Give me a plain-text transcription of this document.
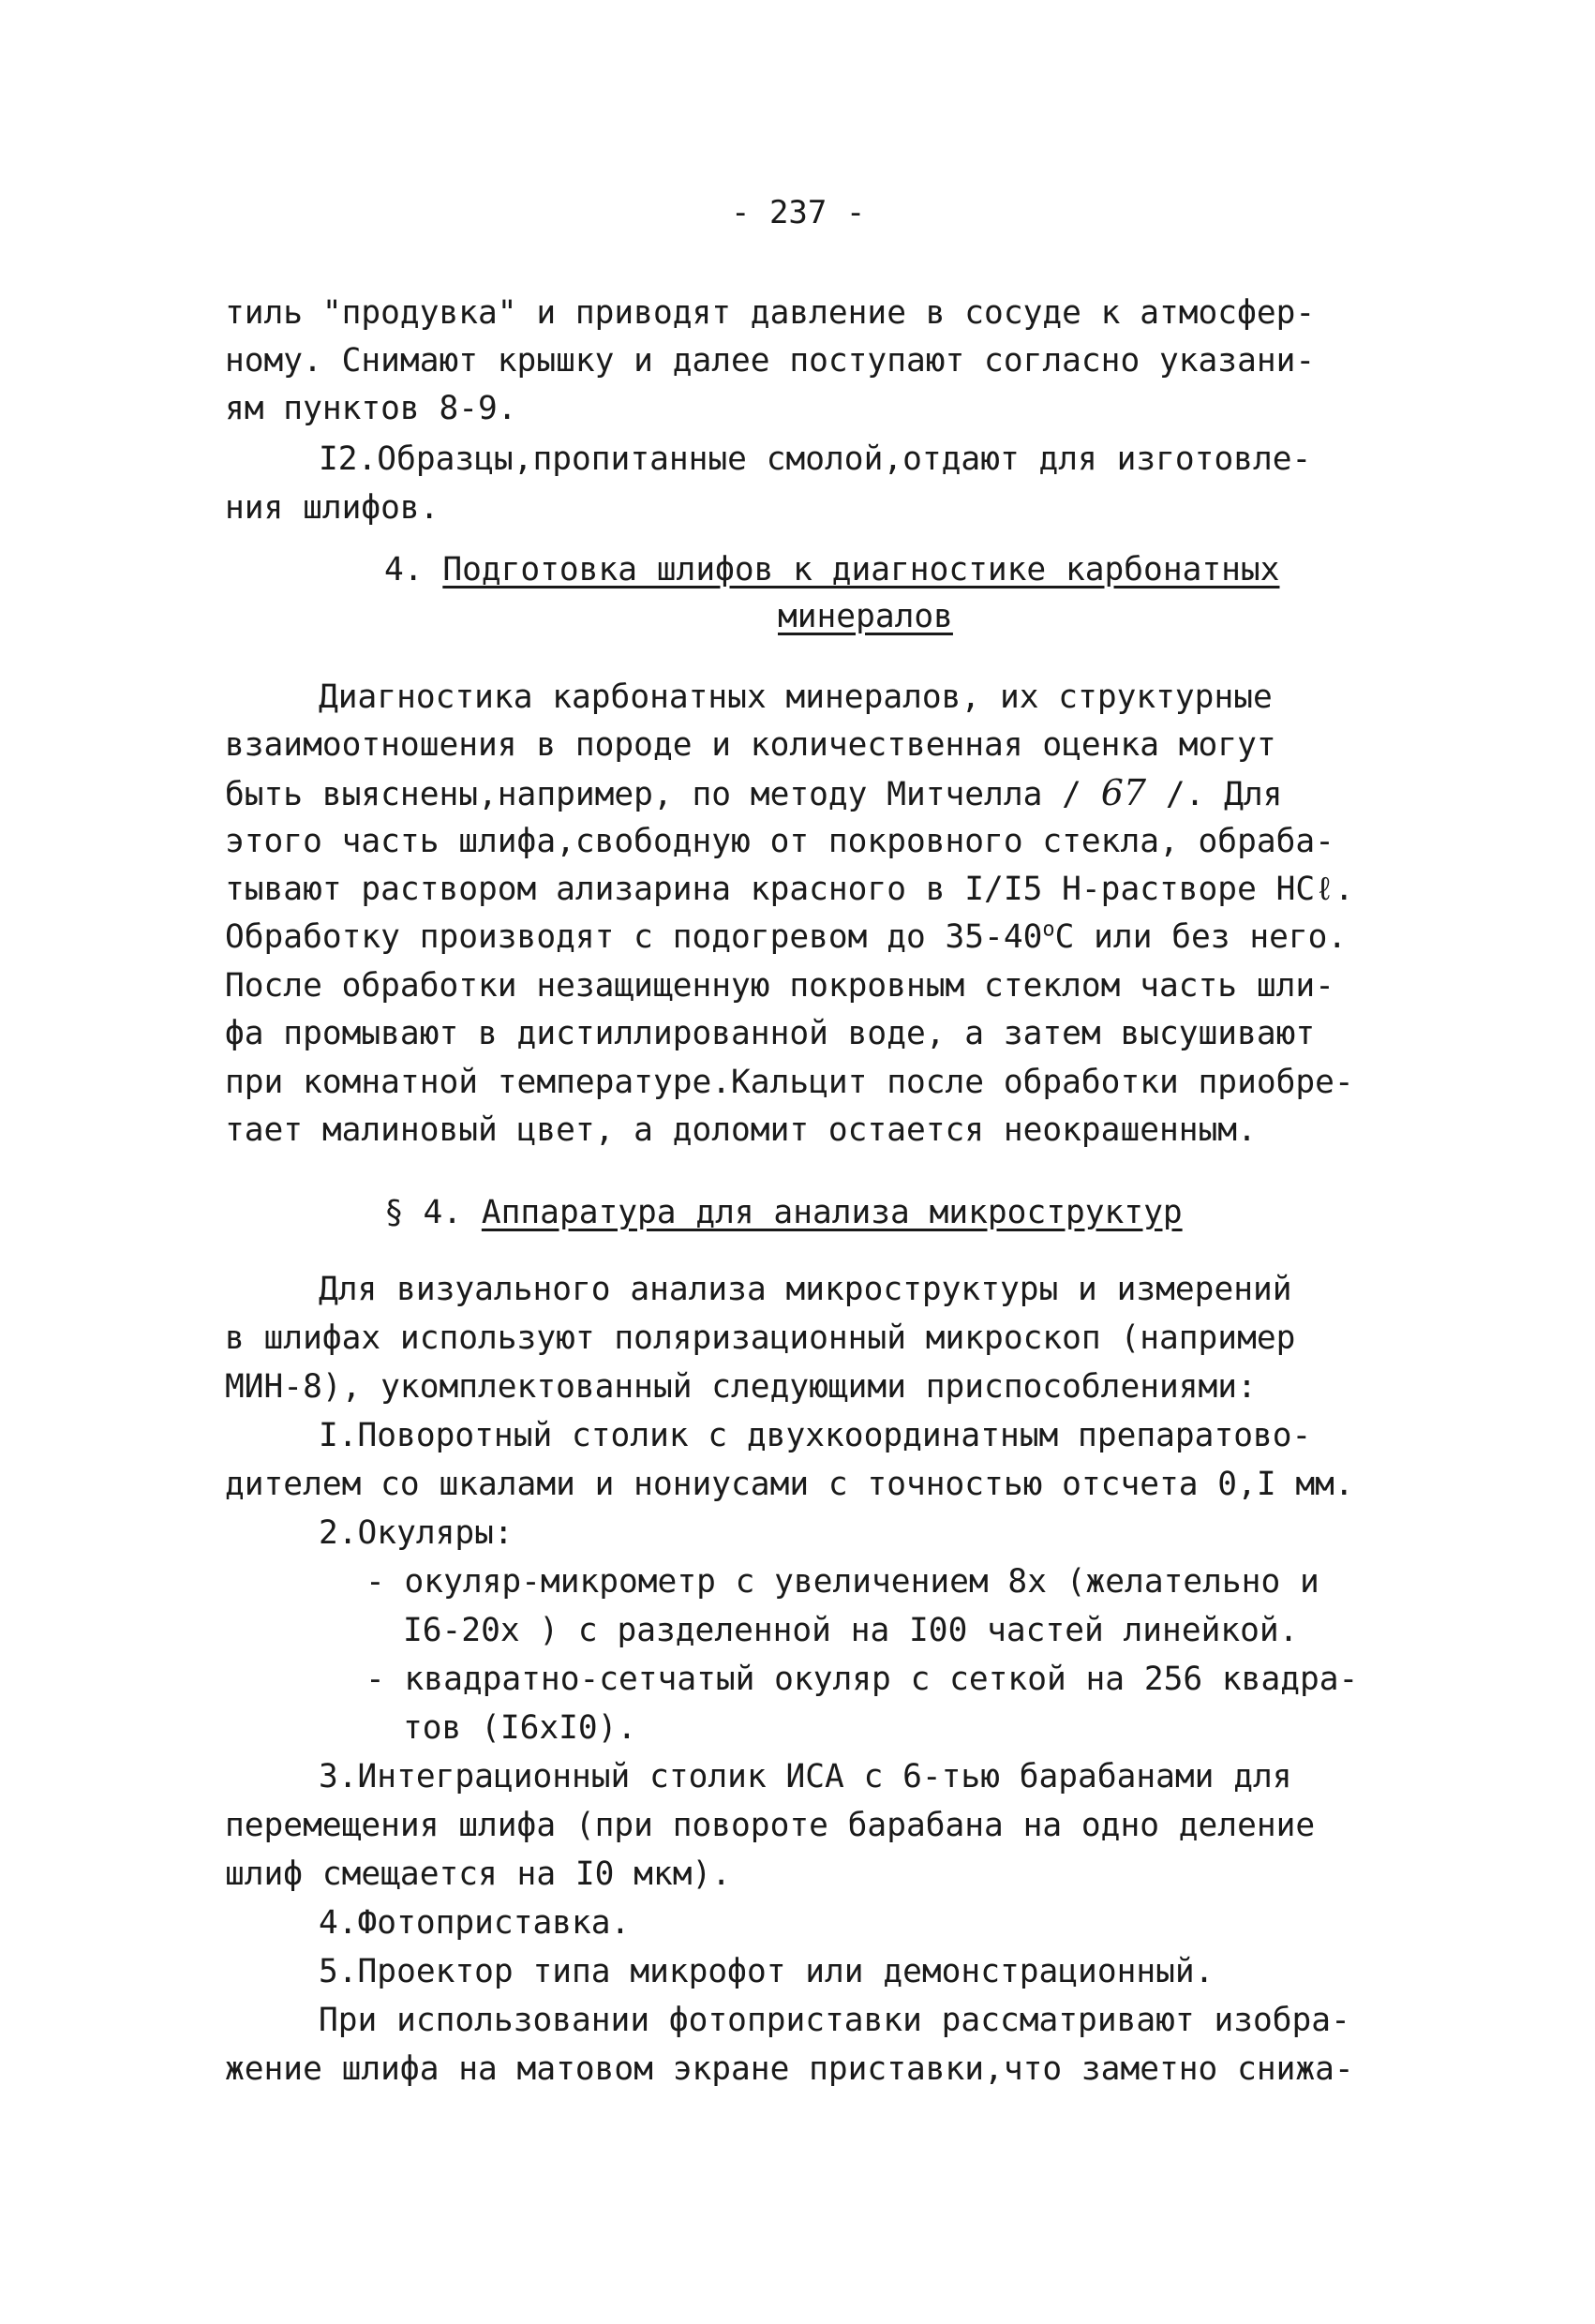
- 237 -
тиль "продувка" и приводят давление в сосуде к атмосфер-
ному. Снимают крышку и далее поступают согласно указани-
ям пунктов 8-9.
I2.Образцы,пропитанные смолой,отдают для изготовле-
ния шлифов.
4. Подготовка шлифов к диагностике карбонатных
минералов
Диагностика карбонатных минералов, их структурные
взаимоотношения в породе и количественная оценка могут
быть выяснены,например, по методу Митчелла / 67 /. Для
этого часть шлифа,свободную от покровного стекла, обраба-
тывают раствором ализарина красного в I/I5 Н-растворе НСℓ.
Обработку производят с подогревом до $35-40^оС$ или без него.
После обработки незащищенную покровным стеклом часть шли-
фа промывают в дистиллированной воде, а затем высушивают
при комнатной температуре.Кальцит после обработки приобре-
тает малиновый цвет, а доломит остается неокрашенным.
§ 4. Аппаратура для анализа микроструктур
Для визуального анализа микроструктуры и измерений
в шлифах используют поляризационный микроскоп (например
МИН-8), укомплектованный следующими приспособлениями:
I.Поворотный столик с двухкоординатным препаратово-
дителем со шкалами и нониусами с точностью отсчета 0,I мм.
2.Окуляры:
- окуляр-микрометр с увеличением 8х (желательно и
I6-20х ) с разделенной на I00 частей линейкой.
- квадратно-сетчатый окуляр с сеткой на 256 квадра-
тов (I6хI0).
3.Интеграционный столик ИСА с 6-тью барабанами для
перемещения шлифа (при повороте барабана на одно деление
шлиф смещается на I0 мкм).
4.Фотоприставка.
5.Проектор типа микрофот или демонстрационный.
При использовании фотоприставки рассматривают изобра-
жение шлифа на матовом экране приставки,что заметно снижа-
